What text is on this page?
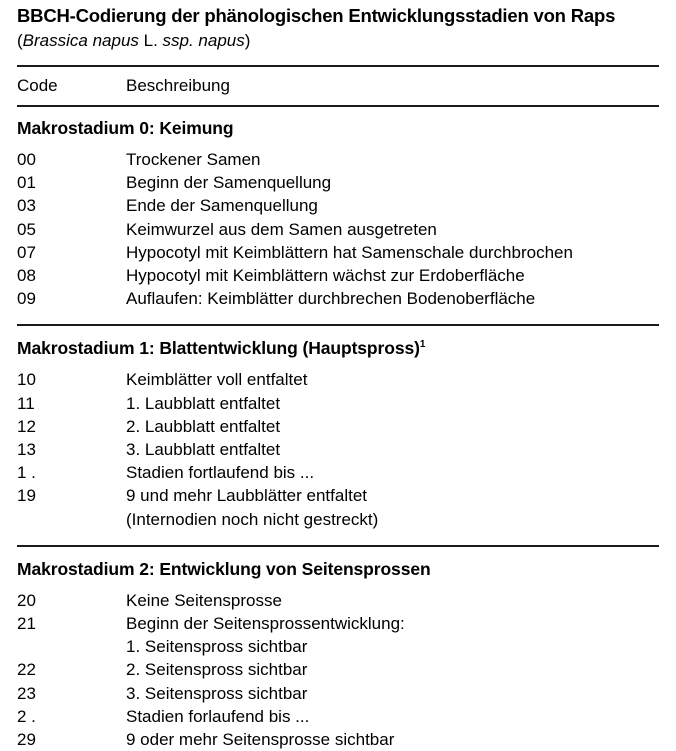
BBCH-Codierung der phänologischen Entwicklungsstadien von Raps

(Brassica napus L. ssp. napus)

Code	Beschreibung
Makrostadium 0: Keimung
00	Trockener Samen
01	Beginn der Samenquellung
03	Ende der Samenquellung
05	Keimwurzel aus dem Samen ausgetreten
07	Hypocotyl mit Keimblättern hat Samenschale durchbrochen
08	Hypocotyl mit Keimblättern wächst zur Erdoberfläche
09	Auflaufen: Keimblätter durchbrechen Bodenoberfläche
Makrostadium 1: Blattentwicklung (Hauptspross)$^1$
10	Keimblätter voll entfaltet
11	1. Laubblatt entfaltet
12	2. Laubblatt entfaltet
13	3. Laubblatt entfaltet
1 .	Stadien fortlaufend bis ...
19	9 und mehr Laubblätter entfaltet
(Internodien noch nicht gestreckt)
Makrostadium 2: Entwicklung von Seitensprossen
20	Keine Seitensprosse
21	Beginn der Seitensprossentwicklung:
1. Seitenspross sichtbar
22	2. Seitenspross sichtbar
23	3. Seitenspross sichtbar
2 .	Stadien forlaufend bis ...
29	9 oder mehr Seitensprosse sichtbar
